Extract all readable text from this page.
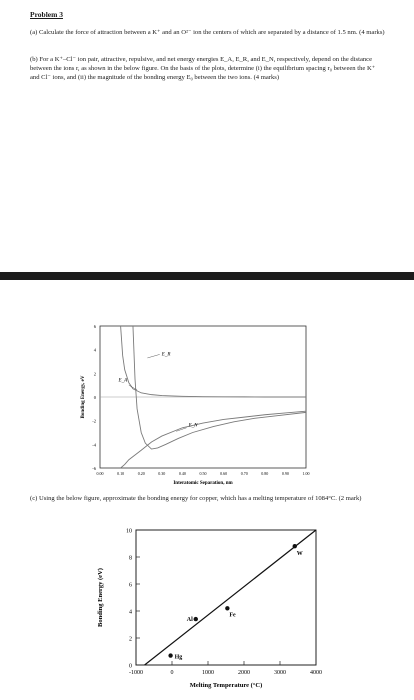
Problem 3
(a) Calculate the force of attraction between a K⁺ and an O²⁻ ion the centers of which are separated by a distance of 1.5 nm. (4 marks)
(b) For a K⁺–Cl⁻ ion pair, attractive, repulsive, and net energy energies E_A, E_R, and E_N, respectively, depend on the distance between the ions r, as shown in the below figure. On the basis of the plots, determine (i) the equilibrium spacing r₀ between the K⁺ and Cl⁻ ions, and (ii) the magnitude of the bonding energy E₀ between the two ions. (4 marks)
6
4
2
0
-2
-4
-6
0.00	0.10	0.20	0.30	0.40	0.50	0.60	0.70	0.80	0.90	1.00
Interatomic Separation, nm
Bonding Energy, eV
E_R
E_A
E_N
(c) Using the below figure, approximate the bonding energy for copper, which has a melting temperature of 1084°C. (2 mark)
0
2
4
6
8
10
-1000	0	1000	2000	3000	4000
Melting Temperature (°C)
Bonding Energy (eV)
Hg
Al
Fe
W
